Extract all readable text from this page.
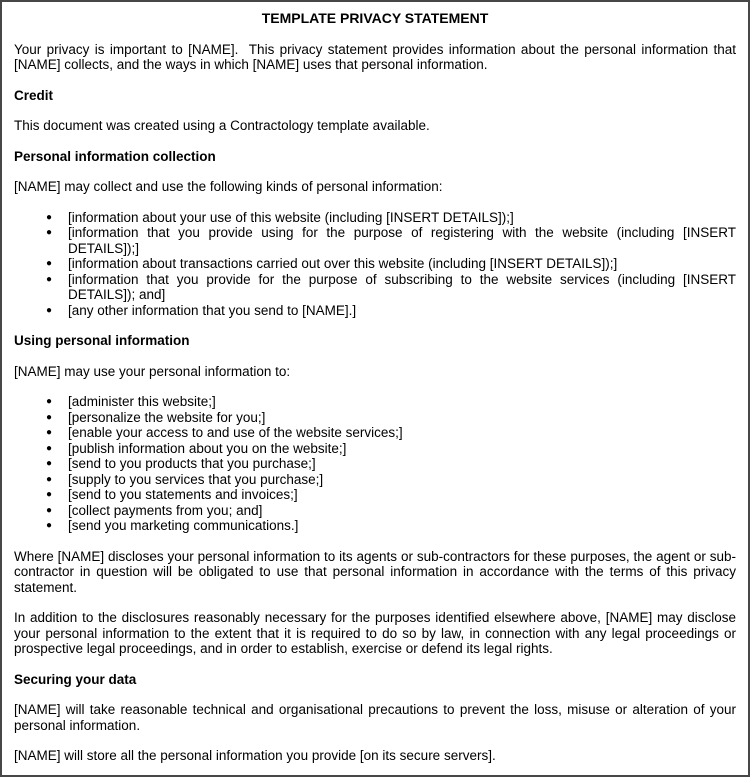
TEMPLATE PRIVACY STATEMENT

Your privacy is important to [NAME].  This privacy statement provides information about the personal information that [NAME] collects, and the ways in which [NAME] uses that personal information.

Credit

This document was created using a Contractology template available.

Personal information collection

[NAME] may collect and use the following kinds of personal information:

● [information about your use of this website (including [INSERT DETAILS]);]
● [information that you provide using for the purpose of registering with the website (including [INSERT DETAILS]);]
● [information about transactions carried out over this website (including [INSERT DETAILS]);]
● [information that you provide for the purpose of subscribing to the website services (including [INSERT DETAILS]); and]
● [any other information that you send to [NAME].]
Using personal information

[NAME] may use your personal information to:

● [administer this website;]
● [personalize the website for you;]
● [enable your access to and use of the website services;]
● [publish information about you on the website;]
● [send to you products that you purchase;]
● [supply to you services that you purchase;]
● [send to you statements and invoices;]
● [collect payments from you; and]
● [send you marketing communications.]

Where [NAME] discloses your personal information to its agents or sub-contractors for these purposes, the agent or sub-contractor in question will be obligated to use that personal information in accordance with the terms of this privacy statement.

In addition to the disclosures reasonably necessary for the purposes identified elsewhere above, [NAME] may disclose your personal information to the extent that it is required to do so by law, in connection with any legal proceedings or prospective legal proceedings, and in order to establish, exercise or defend its legal rights.

Securing your data

[NAME] will take reasonable technical and organisational precautions to prevent the loss, misuse or alteration of your personal information.

[NAME] will store all the personal information you provide [on its secure servers].
